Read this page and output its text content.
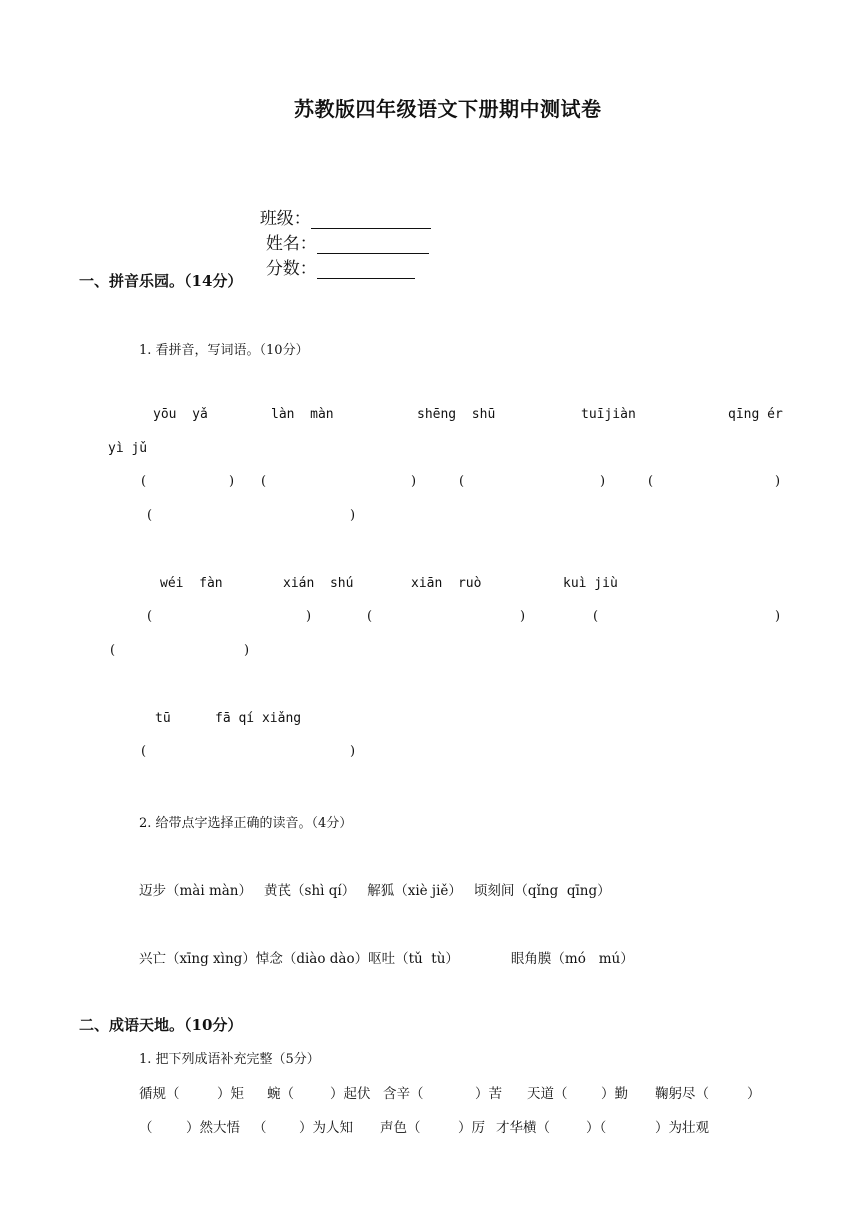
苏教版四年级语文下册期中测试卷

班级：
姓名：
分数：

一、拼音乐园。（14分）
1. 看拼音，写词语。（10分）
yōu  yǎ	làn  màn	shēng  shū	tuījiàn	qīng ér
yì jǔ
(	) (	)	(	)	(	)
(	)
wéi  fàn	xián  shú	xiān  ruò	kuì jiù
(	)	(	)	(	)
(	)
tū	fā qí xiǎng
(	)
2. 给带点字选择正确的读音。（4分）
迈步（mài màn） 黄芪（shì qí） 解狐（xiè jiě） 顷刻间（qǐng  qīng）
兴亡（xīng xìng）悼念（diào dào）呕吐（tǔ  tù）	眼角膜（mó   mú）
二、成语天地。（10分）
1. 把下列成语补充完整（5分）
循规（	）矩 蜿（	）起伏 含辛（	）苦 天道（ ）勤 鞠躬尽（	）
（ ）然大悟 （ ）为人知 声色（	）厉 才华横（	）（	）为壮观
